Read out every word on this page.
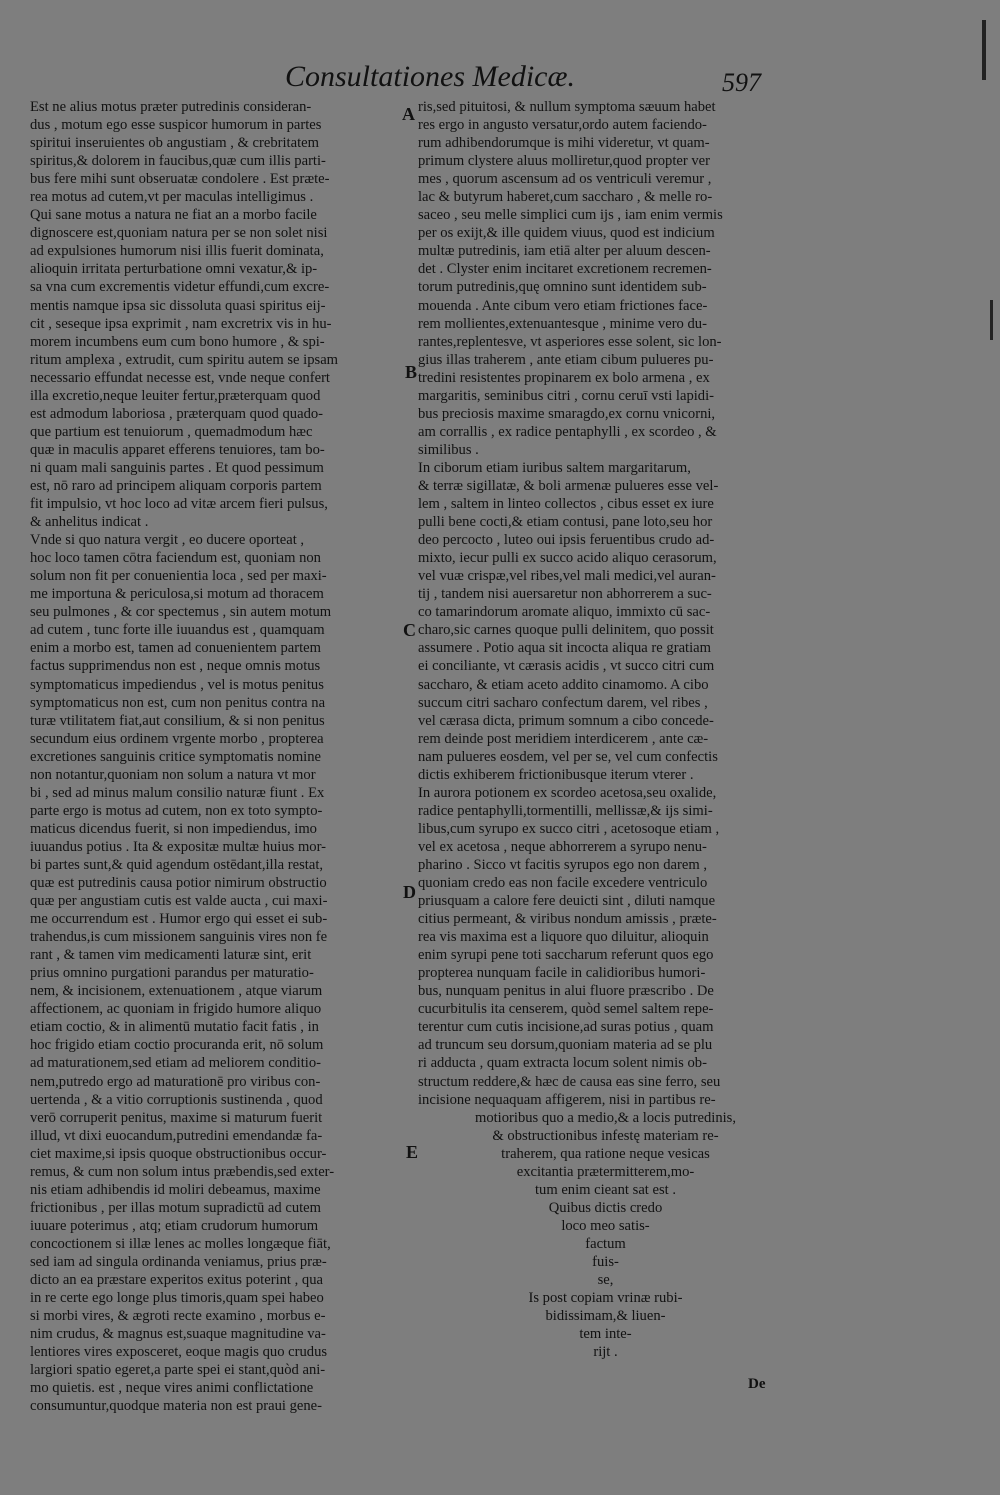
Consultationes Medicæ.	597
Est ne alius motus præter putredinis consideran-
dus , motum ego esse suspicor humorum in partes
spiritui inseruientes ob angustiam , & crebritatem
spiritus,& dolorem in faucibus,quæ cum illis parti-
bus fere mihi sunt obseruatæ condolere . Est præte-
rea motus ad cutem,vt per maculas intelligimus .
Qui sane motus a natura ne fiat an a morbo facile
dignoscere est,quoniam natura per se non solet nisi
ad expulsiones humorum nisi illis fuerit dominata,
alioquin irritata perturbatione omni vexatur,& ip-
sa vna cum excrementis videtur effundi,cum excre-
mentis namque ipsa sic dissoluta quasi spiritus eij-
cit , seseque ipsa exprimit , nam excretrix vis in hu-
morem incumbens eum cum bono humore , & spi-
ritum amplexa , extrudit, cum spiritu autem se ipsam
necessario effundat necesse est, vnde neque confert
illa excretio,neque leuiter fertur,præterquam quod
est admodum laboriosa , præterquam quod quado-
que partium est tenuiorum , quemadmodum hæc
quæ in maculis apparet efferens tenuiores, tam bo-
ni quam mali sanguinis partes . Et quod pessimum
est, nō raro ad principem aliquam corporis partem
fit impulsio, vt hoc loco ad vitæ arcem fieri pulsus,
& anhelitus indicat .
Vnde si quo natura vergit , eo ducere oporteat ,
hoc loco tamen cōtra faciendum est, quoniam non
solum non fit per conuenientia loca , sed per maxi-
me importuna & periculosa,si motum ad thoracem
seu pulmones , & cor spectemus , sin autem motum
ad cutem , tunc forte ille iuuandus est , quamquam
enim a morbo est, tamen ad conuenientem partem
factus supprimendus non est , neque omnis motus
symptomaticus impediendus , vel is motus penitus
symptomaticus non est, cum non penitus contra na
turæ vtilitatem fiat,aut consilium, & si non penitus
secundum eius ordinem vrgente morbo , propterea
excretiones sanguinis critice symptomatis nomine
non notantur,quoniam non solum a natura vt mor
bi , sed ad minus malum consilio naturæ fiunt . Ex
parte ergo is motus ad cutem, non ex toto sympto-
maticus dicendus fuerit, si non impediendus, imo
iuuandus potius . Ita & expositæ multæ huius mor-
bi partes sunt,& quid agendum ostēdant,illa restat,
quæ est putredinis causa potior nimirum obstructio
quæ per angustiam cutis est valde aucta , cui maxi-
me occurrendum est . Humor ergo qui esset ei sub-
trahendus,is cum missionem sanguinis vires non fe
rant , & tamen vim medicamenti laturæ sint, erit
prius omnino purgationi parandus per maturatio-
nem, & incisionem, extenuationem , atque viarum
affectionem, ac quoniam in frigido humore aliquo
etiam coctio, & in alimentū mutatio facit fatis , in
hoc frigido etiam coctio procuranda erit, nō solum
ad maturationem,sed etiam ad meliorem conditio-
nem,putredo ergo ad maturationē pro viribus con-
uertenda , & a vitio corruptionis sustinenda , quod
verō corruperit penitus, maxime si maturum fuerit
illud, vt dixi euocandum,putredini emendandæ fa-
ciet maxime,si ipsis quoque obstructionibus occur-
remus, & cum non solum intus præbendis,sed exter-
nis etiam adhibendis id moliri debeamus, maxime
frictionibus , per illas motum supradictū ad cutem
iuuare poterimus , atq; etiam crudorum humorum
concoctionem si illæ lenes ac molles longæque fiāt,
sed iam ad singula ordinanda veniamus, prius præ-
dicto an ea præstare experitos exitus poterint , qua
in re certe ego longe plus timoris,quam spei habeo
si morbi vires, & ægroti recte examino , morbus e-
nim crudus, & magnus est,suaque magnitudine va-
lentiores vires exposceret, eoque magis quo crudus
largiori spatio egeret,a parte spei ei stant,quòd ani-
mo quietis. est , neque vires animi conflictatione
consumuntur,quodque materia non est praui gene-
ris,sed pituitosi, & nullum symptoma sæuum habet
res ergo in angusto versatur,ordo autem faciendo-
rum adhibendorumque is mihi videretur, vt quam-
primum clystere aluus molliretur,quod propter ver
mes , quorum ascensum ad os ventriculi veremur ,
lac & butyrum haberet,cum saccharo , & melle ro-
saceo , seu melle simplici cum ijs , iam enim vermis
per os exijt,& ille quidem viuus, quod est indicium
multæ putredinis, iam etiā alter per aluum descen-
det . Clyster enim incitaret excretionem recremen-
torum putredinis,quę omnino sunt identidem sub-
mouenda . Ante cibum vero etiam frictiones face-
rem mollientes,extenuantesque , minime vero du-
rantes,replentesve, vt asperiores esse solent, sic lon-
gius illas traherem , ante etiam cibum pulueres pu-
tredini resistentes propinarem ex bolo armena , ex
margaritis, seminibus citri , cornu ceruī vsti lapidi-
bus preciosis maxime smaragdo,ex cornu vnicorni,
am corrallis , ex radice pentaphylli , ex scordeo , &
similibus .
In ciborum etiam iuribus saltem margaritarum,
& terræ sigillatæ, & boli armenæ pulueres esse vel-
lem , saltem in linteo collectos , cibus esset ex iure
pulli bene cocti,& etiam contusi, pane loto,seu hor
deo percocto , luteo oui ipsis feruentibus crudo ad-
mixto, iecur pulli ex succo acido aliquo cerasorum,
vel vuæ crispæ,vel ribes,vel mali medici,vel auran-
tij , tandem nisi auersaretur non abhorrerem a suc-
co tamarindorum aromate aliquo, immixto cū sac-
charo,sic carnes quoque pulli delinitem, quo possit
assumere . Potio aqua sit incocta aliqua re gratiam
ei conciliante, vt cærasis acidis , vt succo citri cum
saccharo, & etiam aceto addito cinamomo. A cibo
succum citri sacharo confectum darem, vel ribes ,
vel cærasa dicta, primum somnum a cibo concede-
rem deinde post meridiem interdicerem , ante cæ-
nam pulueres eosdem, vel per se, vel cum confectis
dictis exhiberem frictionibusque iterum vterer .
In aurora potionem ex scordeo acetosa,seu oxalide,
radice pentaphylli,tormentilli, mellissæ,& ijs simi-
libus,cum syrupo ex succo citri , acetosoque etiam ,
vel ex acetosa , neque abhorrerem a syrupo nenu-
pharino . Sicco vt facitis syrupos ego non darem ,
quoniam credo eas non facile excedere ventriculo
priusquam a calore fere deuicti sint , diluti namque
citius permeant, & viribus nondum amissis , præte-
rea vis maxima est a liquore quo diluitur, alioquin
enim syrupi pene toti saccharum referunt quos ego
propterea nunquam facile in calidioribus humori-
bus, nunquam penitus in alui fluore præscribo . De
cucurbitulis ita censerem, quòd semel saltem repe-
terentur cum cutis incisione,ad suras potius , quam
ad truncum seu dorsum,quoniam materia ad se plu
ri adducta , quam extracta locum solent nimis ob-
structum reddere,& hæc de causa eas sine ferro, seu
incisione nequaquam affigerem, nisi in partibus re-
motioribus quo a medio,& a locis putredinis,
& obstructionibus infestę materiam re-
traherem, qua ratione neque vesicas
excitantia prætermitterem,mo-
tum enim cieant sat est .
Quibus dictis credo
loco meo satis-
factum
fuis-
se,
Is post copiam vrinæ rubi-
bidissimam,& liuen-
tem inte-
rijt .
A
B
C
D
E
De
